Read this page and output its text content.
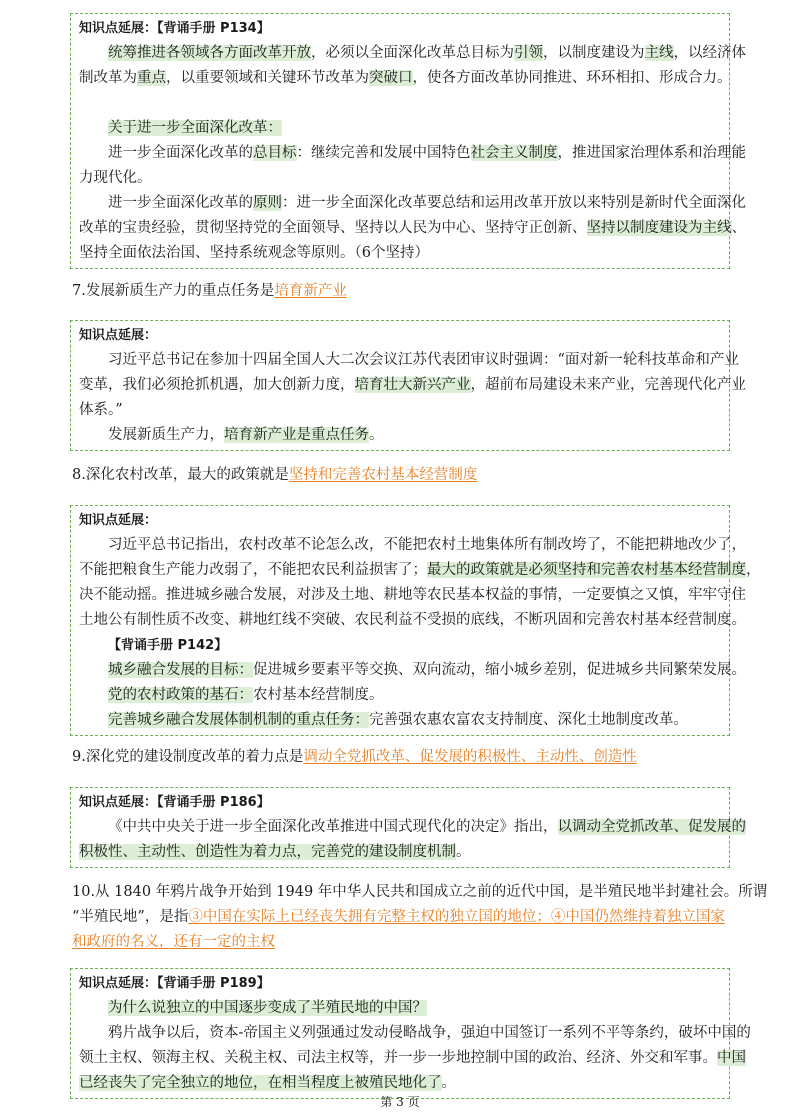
知识点延展：【背诵手册 P134】
统筹推进各领域各方面改革开放，必须以全面深化改革总目标为引领，以制度建设为主线，以经济体
制改革为重点，以重要领域和关键环节改革为突破口，使各方面改革协同推进、环环相扣、形成合力。

关于进一步全面深化改革：
进一步全面深化改革的总目标：继续完善和发展中国特色社会主义制度，推进国家治理体系和治理能
力现代化。
进一步全面深化改革的原则：进一步全面深化改革要总结和运用改革开放以来特别是新时代全面深化
改革的宝贵经验，贯彻坚持党的全面领导、坚持以人民为中心、坚持守正创新、坚持以制度建设为主线、
坚持全面依法治国、坚持系统观念等原则。（6个坚持）
7.发展新质生产力的重点任务是培育新产业
知识点延展：
习近平总书记在参加十四届全国人大二次会议江苏代表团审议时强调：“面对新一轮科技革命和产业
变革，我们必须抢抓机遇，加大创新力度，培育壮大新兴产业，超前布局建设未来产业，完善现代化产业
体系。”
发展新质生产力，培育新产业是重点任务。
8.深化农村改革，最大的政策就是坚持和完善农村基本经营制度
知识点延展：
习近平总书记指出，农村改革不论怎么改，不能把农村土地集体所有制改垮了，不能把耕地改少了，
不能把粮食生产能力改弱了，不能把农民利益损害了；最大的政策就是必须坚持和完善农村基本经营制度，
决不能动摇。推进城乡融合发展，对涉及土地、耕地等农民基本权益的事情，一定要慎之又慎，牢牢守住
土地公有制性质不改变、耕地红线不突破、农民利益不受损的底线，不断巩固和完善农村基本经营制度。
【背诵手册 P142】
城乡融合发展的目标：促进城乡要素平等交换、双向流动，缩小城乡差别，促进城乡共同繁荣发展。
党的农村政策的基石：农村基本经营制度。
完善城乡融合发展体制机制的重点任务：完善强农惠农富农支持制度、深化土地制度改革。
9.深化党的建设制度改革的着力点是调动全党抓改革、促发展的积极性、主动性、创造性
知识点延展：【背诵手册 P186】
《中共中央关于进一步全面深化改革推进中国式现代化的决定》指出，以调动全党抓改革、促发展的
积极性、主动性、创造性为着力点，完善党的建设制度机制。
10.从 1840 年鸦片战争开始到 1949 年中华人民共和国成立之前的近代中国，是半殖民地半封建社会。所谓
“半殖民地”，是指③中国在实际上已经丧失拥有完整主权的独立国的地位；④中国仍然维持着独立国家
和政府的名义，还有一定的主权
知识点延展：【背诵手册 P189】
为什么说独立的中国逐步变成了半殖民地的中国？
鸦片战争以后，资本-帝国主义列强通过发动侵略战争，强迫中国签订一系列不平等条约，破坏中国的
领土主权、领海主权、关税主权、司法主权等，并一步一步地控制中国的政治、经济、外交和军事。中国
已经丧失了完全独立的地位，在相当程度上被殖民地化了。
第 3 页
